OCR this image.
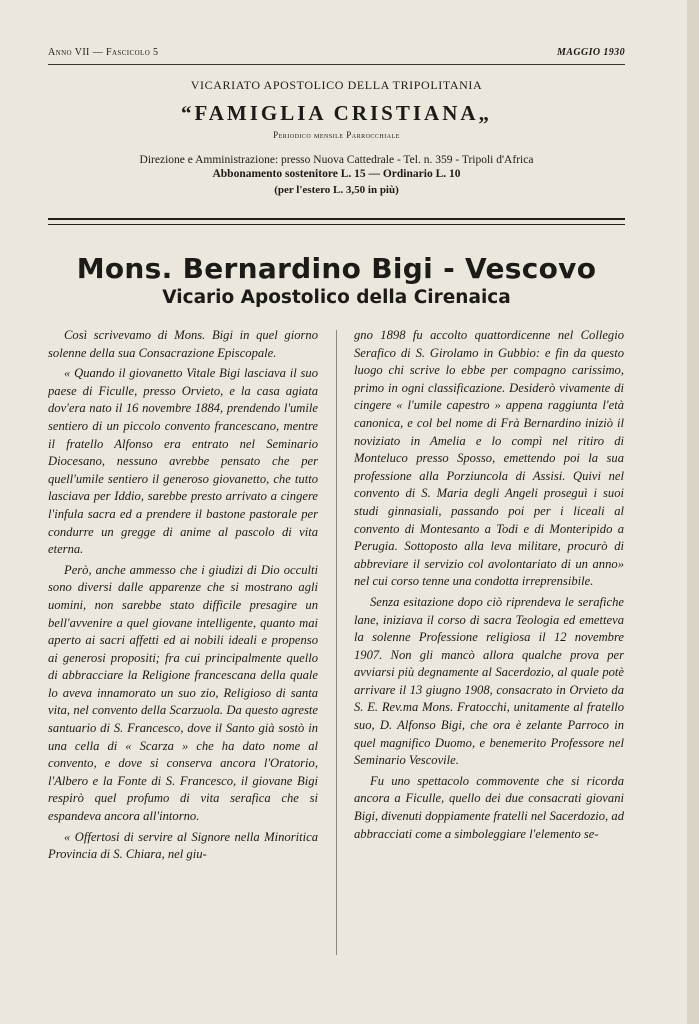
Anno VII — Fascicolo 5	MAGGIO 1930
VICARIATO APOSTOLICO DELLA TRIPOLITANIA
“FAMIGLIA CRISTIANA„
Periodico mensile Parrocchiale
Direzione e Amministrazione: presso Nuova Cattedrale - Tel. n. 359 - Tripoli d'Africa
Abbonamento sostenitore L. 15 — Ordinario L. 10
(per l'estero L. 3,50 in più)
Mons. Bernardino Bigi - Vescovo
Vicario Apostolico della Cirenaica

Così scrivevamo di Mons. Bigi in quel giorno solenne della sua Consacrazione Episcopale.

« Quando il giovanetto Vitale Bigi lasciava il suo paese di Ficulle, presso Orvieto, e la casa agiata dov'era nato il 16 novembre 1884, prendendo l'umile sentiero di un piccolo convento francescano, mentre il fratello Alfonso era entrato nel Seminario Diocesano, nessuno avrebbe pensato che per quell'umile sentiero il generoso giovanetto, che tutto lasciava per Iddio, sarebbe presto arrivato a cingere l'infula sacra ed a prendere il bastone pastorale per condurre un gregge di anime al pascolo di vita eterna.

Però, anche ammesso che i giudizi di Dio occulti sono diversi dalle apparenze che si mostrano agli uomini, non sarebbe stato difficile presagire un bell'avvenire a quel giovane intelligente, quanto mai aperto ai sacri affetti ed ai nobili ideali e propenso ai generosi propositi; fra cui principalmente quello di abbracciare la Religione francescana della quale lo aveva innamorato un suo zio, Religioso di santa vita, nel convento della Scarzuola. Da questo agreste santuario di S. Francesco, dove il Santo già sostò in una cella di « Scarza » che ha dato nome al convento, e dove si conserva ancora l'Oratorio, l'Albero e la Fonte di S. Francesco, il giovane Bigi respirò quel profumo di vita serafica che si espandeva ancora all'intorno.

« Offertosi di servire al Signore nella Minoritica Provincia di S. Chiara, nel giu-

gno 1898 fu accolto quattordicenne nel Collegio Serafico di S. Girolamo in Gubbio: e fin da questo luogo chi scrive lo ebbe per compagno carissimo, primo in ogni classificazione. Desiderò vivamente di cingere « l'umile capestro » appena raggiunta l'età canonica, e col bel nome di Frà Bernardino iniziò il noviziato in Amelia e lo compì nel ritiro di Monteluco presso Sposso, emettendo poi la sua professione alla Porziuncola di Assisi. Quivi nel convento di S. Maria degli Angeli proseguì i suoi studi ginnasiali, passando poi per i liceali al convento di Montesanto a Todi e di Monteripido a Perugia. Sottoposto alla leva militare, procurò di abbreviare il servizio col avolontariato di un anno» nel cui corso tenne una condotta irreprensibile.

Senza esitazione dopo ciò riprendeva le serafiche lane, iniziava il corso di sacra Teologia ed emetteva la solenne Professione religiosa il 12 novembre 1907. Non gli mancò allora qualche prova per avviarsi più degnamente al Sacerdozio, al quale potè arrivare il 13 giugno 1908, consacrato in Orvieto da S. E. Rev.ma Mons. Fratocchi, unitamente al fratello suo, D. Alfonso Bigi, che ora è zelante Parroco in quel magnifico Duomo, e benemerito Professore nel Seminario Vescovile.

Fu uno spettacolo commovente che si ricorda ancora a Ficulle, quello dei due consacrati giovani Bigi, divenuti doppiamente fratelli nel Sacerdozio, ad abbracciati come a simboleggiare l'elemento se-
